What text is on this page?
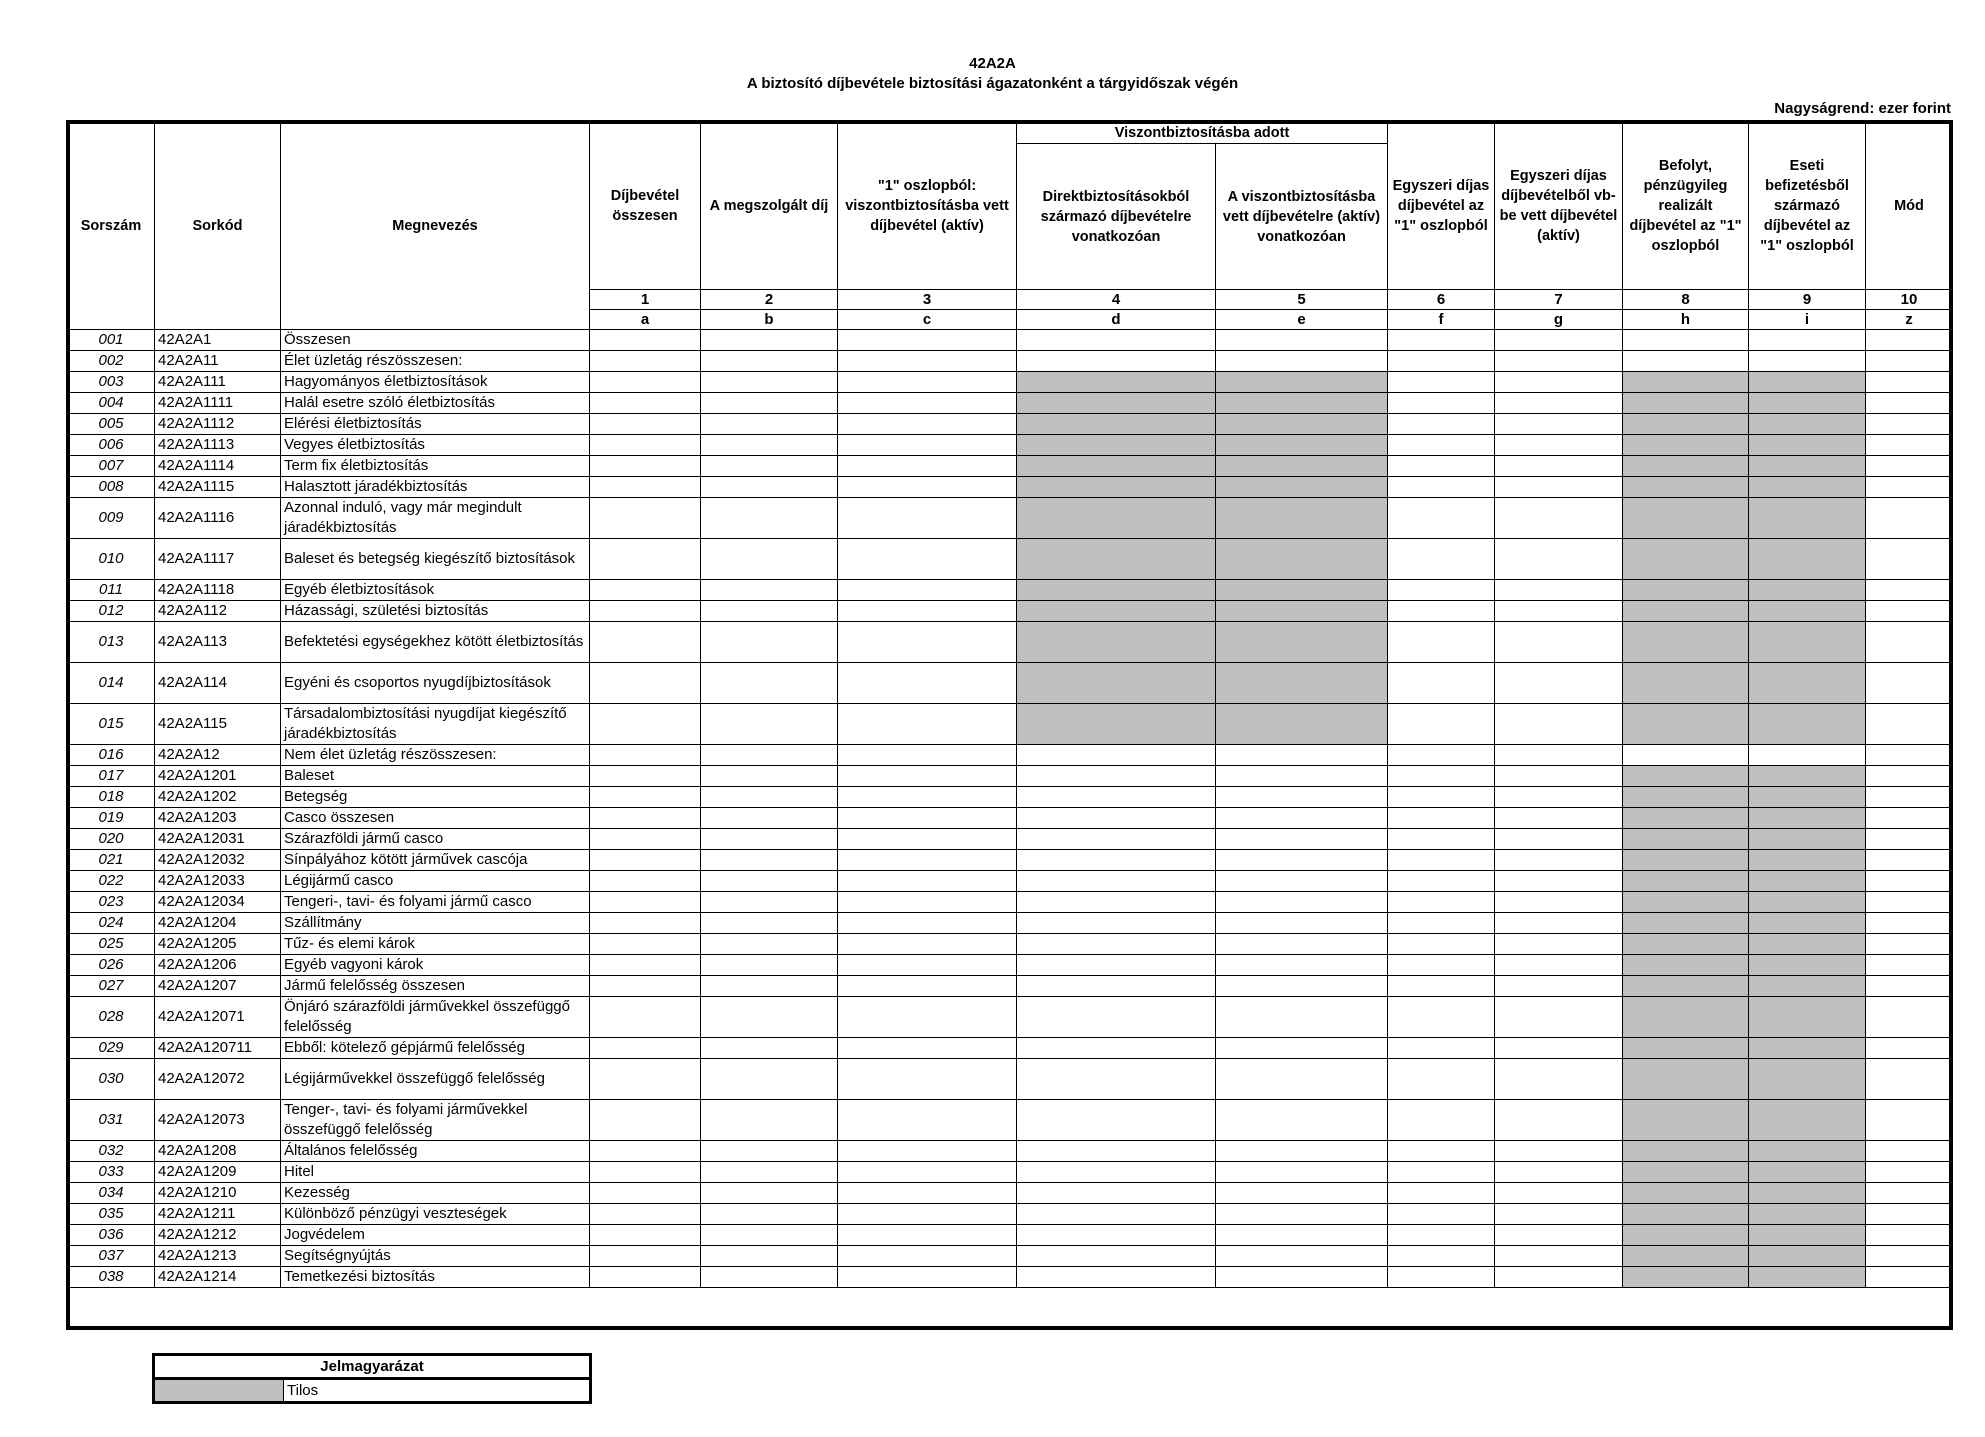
42A2A
A biztosító díjbevétele biztosítási ágazatonként a tárgyidőszak végén
Nagyságrend: ezer forint
Sorszám	Sorkód	Megnevezés	Díjbevétel összesen	A megszolgált díj	"1" oszlopból: viszontbiztosításba vett díjbevétel (aktív)	Viszontbiztosításba adott		Egyszeri díjas díjbevétel az "1" oszlopból	Egyszeri díjas díjbevételből vb-be vett díjbevétel (aktív)	Befolyt, pénzügyileg realizált díjbevétel az "1" oszlopból	Eseti befizetésből származó díjbevétel az "1" oszlopból	Mód
						Direktbiztosításokból származó díjbevételre vonatkozóan	A viszontbiztosításba vett díjbevételre (aktív) vonatkozóan					
			1	2	3	4	5	6	7	8	9	10
			a	b	c	d	e	f	g	h	i	z
001	42A2A1	Összesen										
002	42A2A11	Élet üzletág részösszesen:										
003	42A2A111	Hagyományos életbiztosítások										
004	42A2A1111	Halál esetre szóló életbiztosítás										
005	42A2A1112	Elérési életbiztosítás										
006	42A2A1113	Vegyes életbiztosítás										
007	42A2A1114	Term fix életbiztosítás										
008	42A2A1115	Halasztott járadékbiztosítás										
009	42A2A1116	Azonnal induló, vagy már megindult járadékbiztosítás										
010	42A2A1117	Baleset és betegség kiegészítő biztosítások										
011	42A2A1118	Egyéb életbiztosítások										
012	42A2A112	Házassági, születési biztosítás										
013	42A2A113	Befektetési egységekhez kötött életbiztosítás										
014	42A2A114	Egyéni és csoportos nyugdíjbiztosítások										
015	42A2A115	Társadalombiztosítási nyugdíjat kiegészítő járadékbiztosítás										
016	42A2A12	Nem élet üzletág részösszesen:										
017	42A2A1201	Baleset										
018	42A2A1202	Betegség										
019	42A2A1203	Casco összesen										
020	42A2A12031	Szárazföldi jármű casco										
021	42A2A12032	Sínpályához kötött járművek cascója										
022	42A2A12033	Légijármű casco										
023	42A2A12034	Tengeri-, tavi- és folyami jármű casco										
024	42A2A1204	Szállítmány										
025	42A2A1205	Tűz- és elemi károk										
026	42A2A1206	Egyéb vagyoni károk										
027	42A2A1207	Jármű felelősség összesen										
028	42A2A12071	Önjáró szárazföldi járművekkel összefüggő felelősség										
029	42A2A120711	Ebből: kötelező gépjármű felelősség										
030	42A2A12072	Légijárművekkel összefüggő felelősség										
031	42A2A12073	Tenger-, tavi- és folyami járművekkel összefüggő felelősség										
032	42A2A1208	Általános felelősség										
033	42A2A1209	Hitel										
034	42A2A1210	Kezesség										
035	42A2A1211	Különböző pénzügyi veszteségek										
036	42A2A1212	Jogvédelem										
037	42A2A1213	Segítségnyújtás										
038	42A2A1214	Temetkezési biztosítás										
Jelmagyarázat
	Tilos
